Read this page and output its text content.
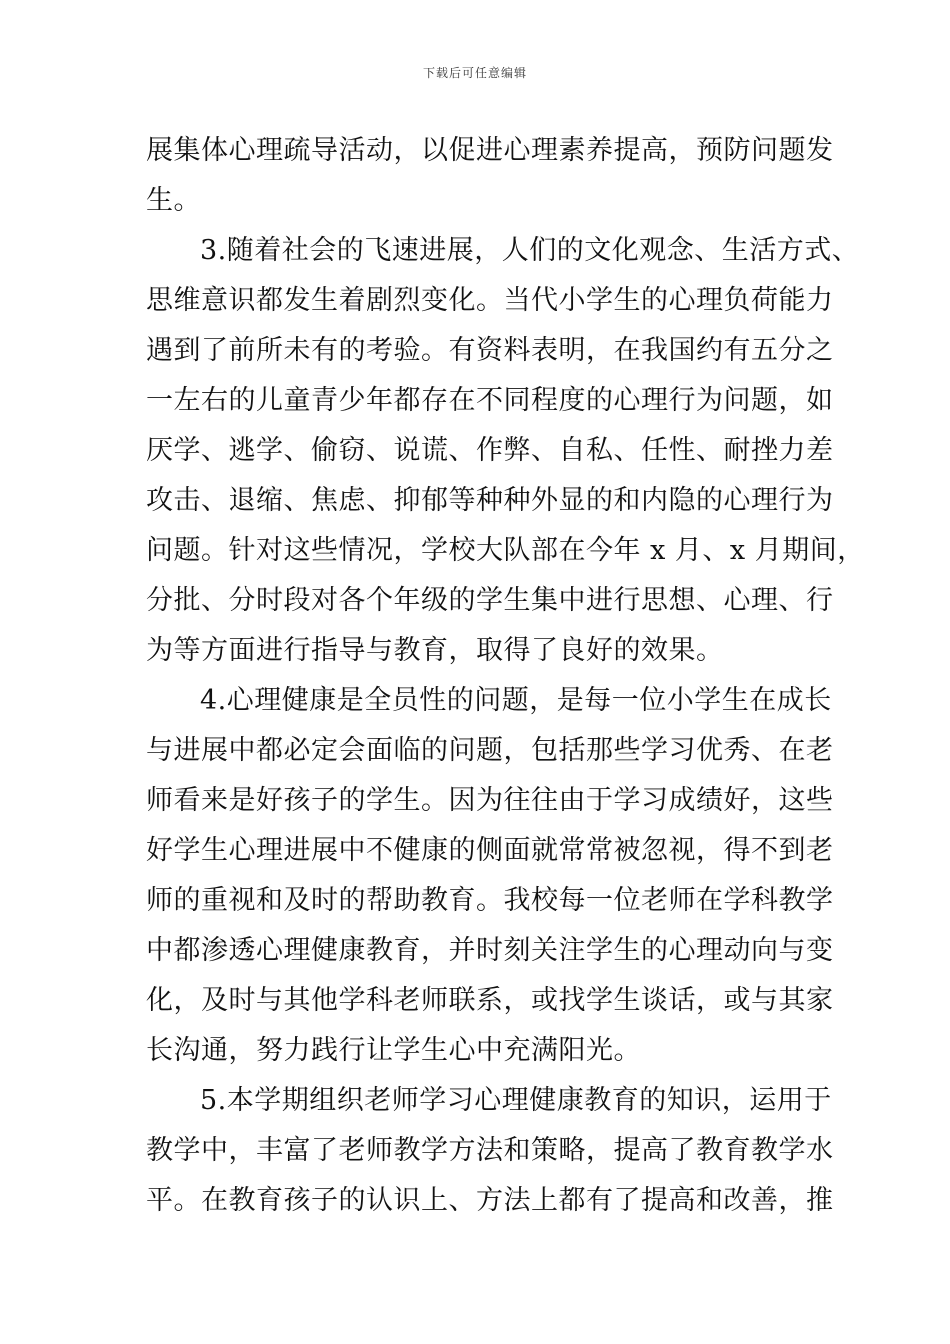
下载后可任意编辑
展集体心理疏导活动，以促进心理素养提高，预防问题发
生。
3.随着社会的飞速进展，人们的文化观念、生活方式、
思维意识都发生着剧烈变化。当代小学生的心理负荷能力
遇到了前所未有的考验。有资料表明，在我国约有五分之
一左右的儿童青少年都存在不同程度的心理行为问题，如
厌学、逃学、偷窃、说谎、作弊、自私、任性、耐挫力差
攻击、退缩、焦虑、抑郁等种种外显的和内隐的心理行为
问题。针对这些情况，学校大队部在今年 x 月、x 月期间，
分批、分时段对各个年级的学生集中进行思想、心理、行
为等方面进行指导与教育，取得了良好的效果。
4.心理健康是全员性的问题，是每一位小学生在成长
与进展中都必定会面临的问题，包括那些学习优秀、在老
师看来是好孩子的学生。因为往往由于学习成绩好，这些
好学生心理进展中不健康的侧面就常常被忽视，得不到老
师的重视和及时的帮助教育。我校每一位老师在学科教学
中都渗透心理健康教育，并时刻关注学生的心理动向与变
化，及时与其他学科老师联系，或找学生谈话，或与其家
长沟通，努力践行让学生心中充满阳光。
5.本学期组织老师学习心理健康教育的知识，运用于
教学中，丰富了老师教学方法和策略，提高了教育教学水
平。在教育孩子的认识上、方法上都有了提高和改善，推
